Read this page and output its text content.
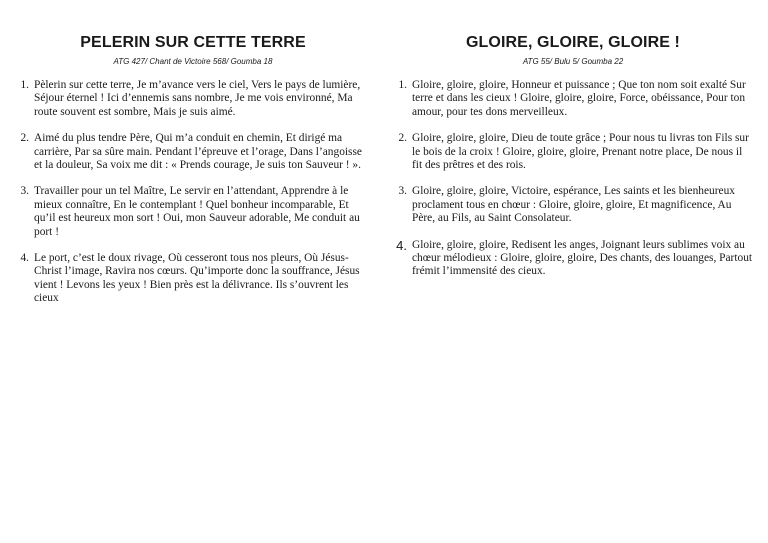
PELERIN SUR CETTE TERRE

ATG 427/ Chant de Victoire 568/ Goumba 18

1. Pèlerin sur cette terre, Je m’avance vers le ciel, Vers le pays de lumière, Séjour éternel ! Ici d’ennemis sans nombre, Je me vois environné, Ma route souvent est sombre, Mais je suis aimé.
2. Aimé du plus tendre Père, Qui m’a conduit en chemin, Et dirigé ma carrière, Par sa sûre main. Pendant l’épreuve et l’orage, Dans l’angoisse et la douleur, Sa voix me dit : « Prends courage, Je suis ton Sauveur ! ».
3. Travailler pour un tel Maître, Le servir en l’attendant, Apprendre à le mieux connaître, En le contemplant ! Quel bonheur incomparable, Et qu’il est heureux mon sort ! Oui, mon Sauveur adorable, Me conduit au port !
4. Le port, c’est le doux rivage, Où cesseront tous nos pleurs, Où Jésus-Christ l’image, Ravira nos cœurs. Qu’importe donc la souffrance, Jésus vient ! Levons les yeux ! Bien près est la délivrance. Ils s’ouvrent les cieux
GLOIRE, GLOIRE, GLOIRE !

ATG 55/ Bulu 5/ Goumba 22

1. Gloire, gloire, gloire, Honneur et puissance ; Que ton nom soit exalté Sur terre et dans les cieux ! Gloire, gloire, gloire, Force, obéissance, Pour ton amour, pour tes dons merveilleux.
2. Gloire, gloire, gloire, Dieu de toute grâce ; Pour nous tu livras ton Fils sur le bois de la croix ! Gloire, gloire, gloire, Prenant notre place, De nous il fit des prêtres et des rois.
3. Gloire, gloire, gloire, Victoire, espérance, Les saints et les bienheureux proclament tous en chœur : Gloire, gloire, gloire, Et magnificence, Au Père, au Fils, au Saint Consolateur.
4. Gloire, gloire, gloire, Redisent les anges, Joignant leurs sublimes voix au chœur mélodieux : Gloire, gloire, gloire, Des chants, des louanges, Partout frémit l’immensité des cieux.
